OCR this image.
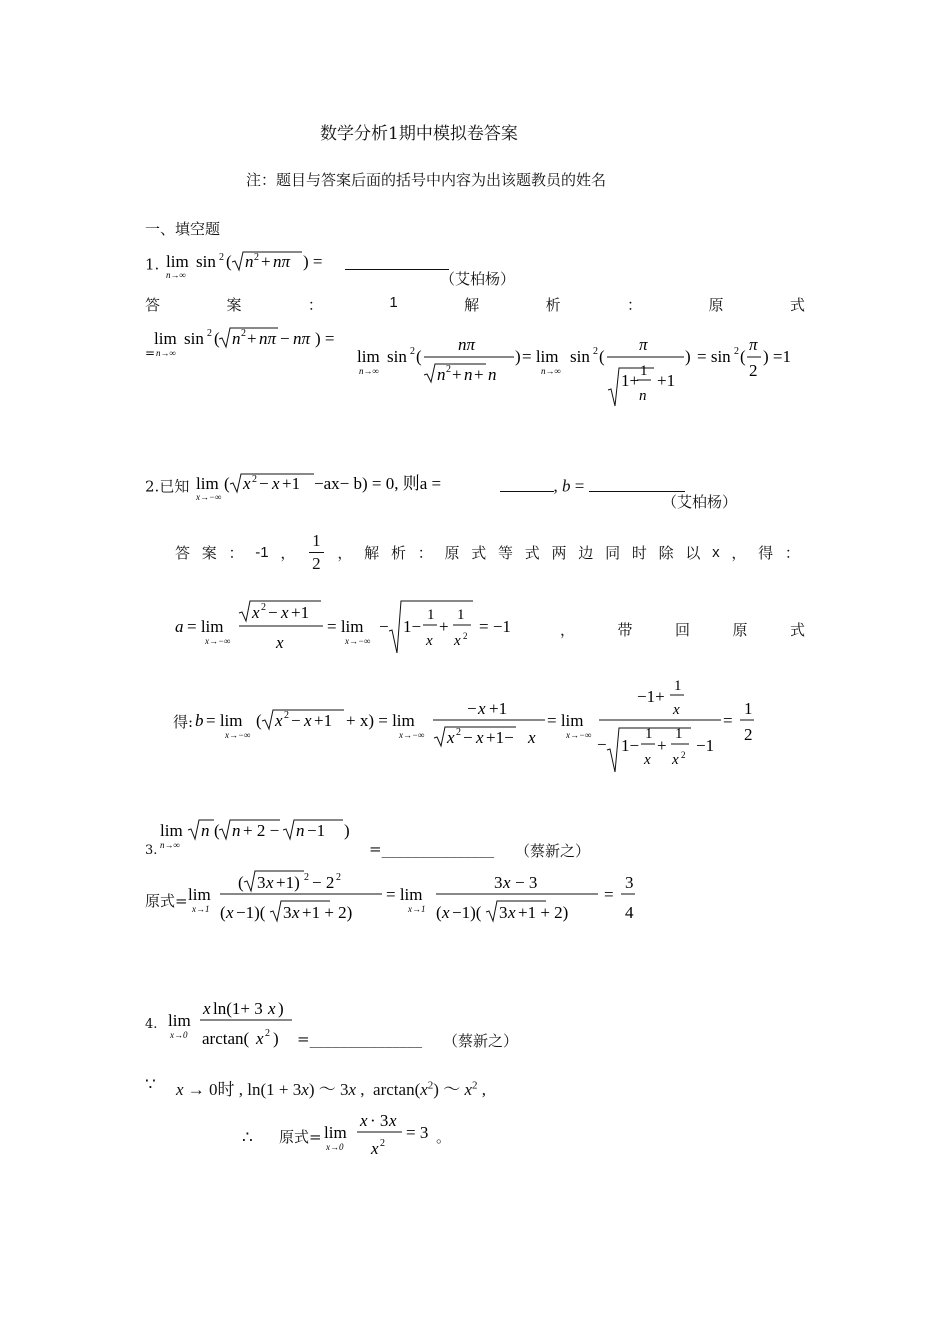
数学分析1期中模拟卷答案
注：题目与答案后面的括号中内容为出该题教员的姓名
一、填空题
1. lim
n→∞
sin 2 ( n 2 + nπ ) =

（艾柏杨）
答	案	：	1	解	析	：	原	式
=
lim
n→∞
sin 2 ( n 2 + nπ − nπ ) =
lim
n→∞
sin 2 (
nπ
n 2 + n + n
) = lim
n→∞
sin 2 (
π
1+ 1
n
+1
) = sin 2 (
π
2
) =1
2.已知 lim
x→−∞
( x 2 − x +1 −ax− b) = 0, 则a =	, b =
（艾柏杨）
答 案 ： -1 ， $\frac{1}{2}$ ， 解 析 ： 原 式 等 式 两 边 同 时 除 以 x ， 得 ：
a = lim
x→−∞
x 2 − x +1
x
= lim
x→−∞
− 1−
1
x
+
1
x 2 = −1	，	带	回	原	式
得: b = lim
x→−∞
( x 2 − x +1 + x) = lim
x→−∞
− x +1
x 2 − x +1− x
= lim
x→−∞
−1+
1
x
− 1−
1
x
+
1
x 2 −1
=
1
2
lim
n→∞
n ( n + 2 − n −1 )
3.	=_______________ （蔡新之）
原式= lim
x→1
( 3 x +1) 2 − 2 2
( x −1)( 3 x +1 + 2)
= lim
x→1
3 x − 3
( x −1)( 3 x +1 + 2)
=
3
4
4. lim
x→0
x ln(1+ 3 x )
arctan( x 2 ) =_______________ （蔡新之）
∵ x → 0时 , ln(1 + 3x) ～ 3x ,  $\arctan(x^2)$ ～ $x^2$ ,
∴ 原式= lim
x→0
x · 3 x
x 2
= 3 。
